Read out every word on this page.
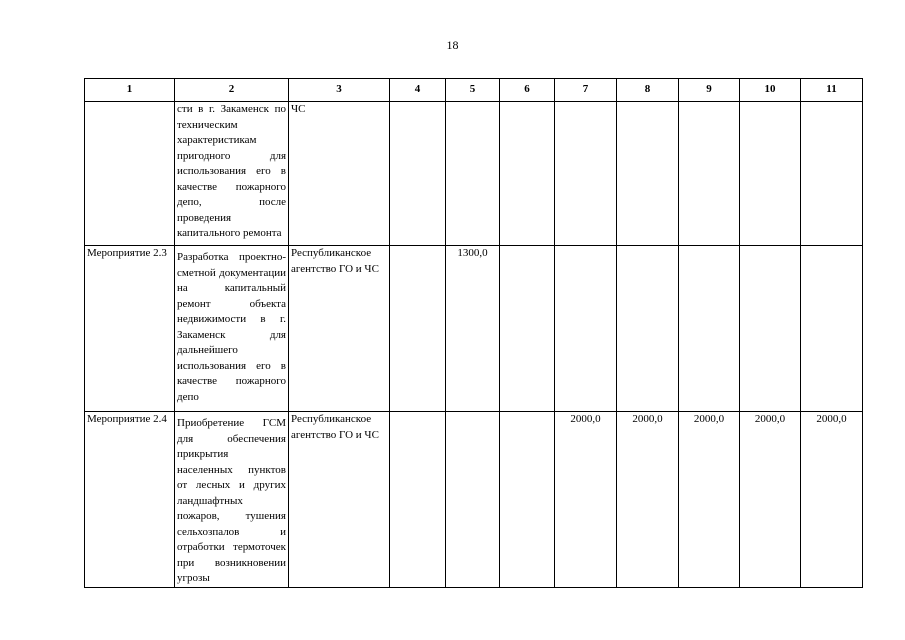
18
1	2	3	4	5	6	7	8	9	10	11
	сти в г. Закаменск по техническим характеристикам пригодного для использования его в качестве пожарного депо, после проведения капитального ремонта	ЧС								
Мероприятие 2.3	Разработка проектно-сметной документации на капитальный ремонт объекта недвижимости в г. Закаменск для дальнейшего использования его в качестве пожарного депо	Республиканское агентство ГО и ЧС		1300,0						
Мероприятие 2.4	Приобретение ГСМ для обеспечения прикрытия населенных пунктов от лесных и других ландшафтных пожаров, тушения сельхозпалов и отработки термоточек при возникновении угрозы	Республиканское агентство ГО и ЧС				2000,0	2000,0	2000,0	2000,0	2000,0
